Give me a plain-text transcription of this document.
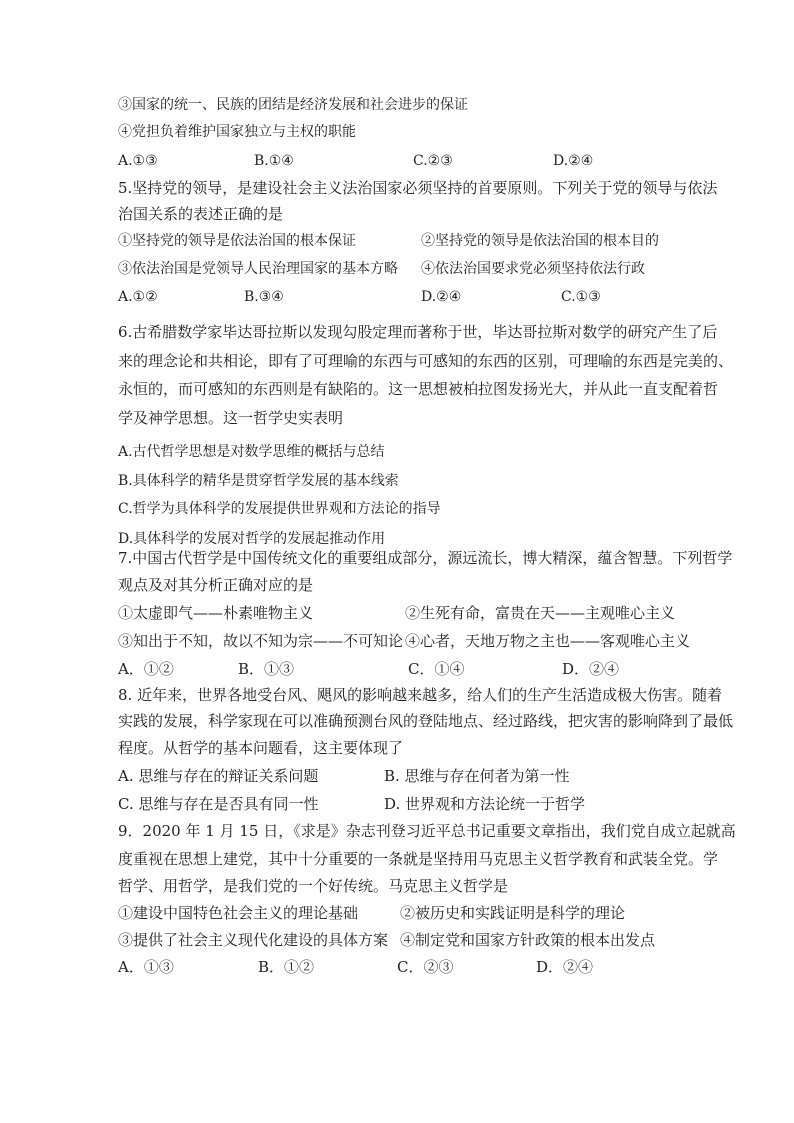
③国家的统一、民族的团结是经济发展和社会进步的保证
④党担负着维护国家独立与主权的职能
A.①③	B.①④	C.②③	D.②④
5.坚持党的领导，是建设社会主义法治国家必须坚持的首要原则。下列关于党的领导与依法
治国关系的表述正确的是
①坚持党的领导是依法治国的根本保证	②坚持党的领导是依法治国的根本目的
③依法治国是党领导人民治理国家的基本方略 ④依法治国要求党必须坚持依法行政
A.①②	B.③④	D.②④	C.①③
6.古希腊数学家毕达哥拉斯以发现勾股定理而著称于世，毕达哥拉斯对数学的研究产生了后
来的理念论和共相论，即有了可理喻的东西与可感知的东西的区别，可理喻的东西是完美的、
永恒的，而可感知的东西则是有缺陷的。这一思想被柏拉图发扬光大，并从此一直支配着哲
学及神学思想。这一哲学史实表明
A.古代哲学思想是对数学思维的概括与总结
B.具体科学的精华是贯穿哲学发展的基本线索
C.哲学为具体科学的发展提供世界观和方法论的指导
D.具体科学的发展对哲学的发展起推动作用
7.中国古代哲学是中国传统文化的重要组成部分，源远流长，博大精深，蕴含智慧。下列哲学
观点及对其分析正确对应的是
①太虚即气——朴素唯物主义	②生死有命，富贵在天——主观唯心主义
③知出于不知，故以不知为宗——不可知论 ④心者，天地万物之主也——客观唯心主义
A．①②	B．①③	C．①④	D．②④
8. 近年来，世界各地受台风、飓风的影响越来越多，给人们的生产生活造成极大伤害。随着
实践的发展，科学家现在可以准确预测台风的登陆地点、经过路线，把灾害的影响降到了最低
程度。从哲学的基本问题看，这主要体现了
A. 思维与存在的辩证关系问题	B. 思维与存在何者为第一性
C. 思维与存在是否具有同一性	D. 世界观和方法论统一于哲学
9．2020 年 1 月 15 日，《求是》杂志刊登习近平总书记重要文章指出，我们党自成立起就高
度重视在思想上建党，其中十分重要的一条就是坚持用马克思主义哲学教育和武装全党。学
哲学、用哲学，是我们党的一个好传统。马克思主义哲学是
①建设中国特色社会主义的理论基础	②被历史和实践证明是科学的理论
③提供了社会主义现代化建设的具体方案 ④制定党和国家方针政策的根本出发点
A．①③	B．①②	C．②③	D．②④
